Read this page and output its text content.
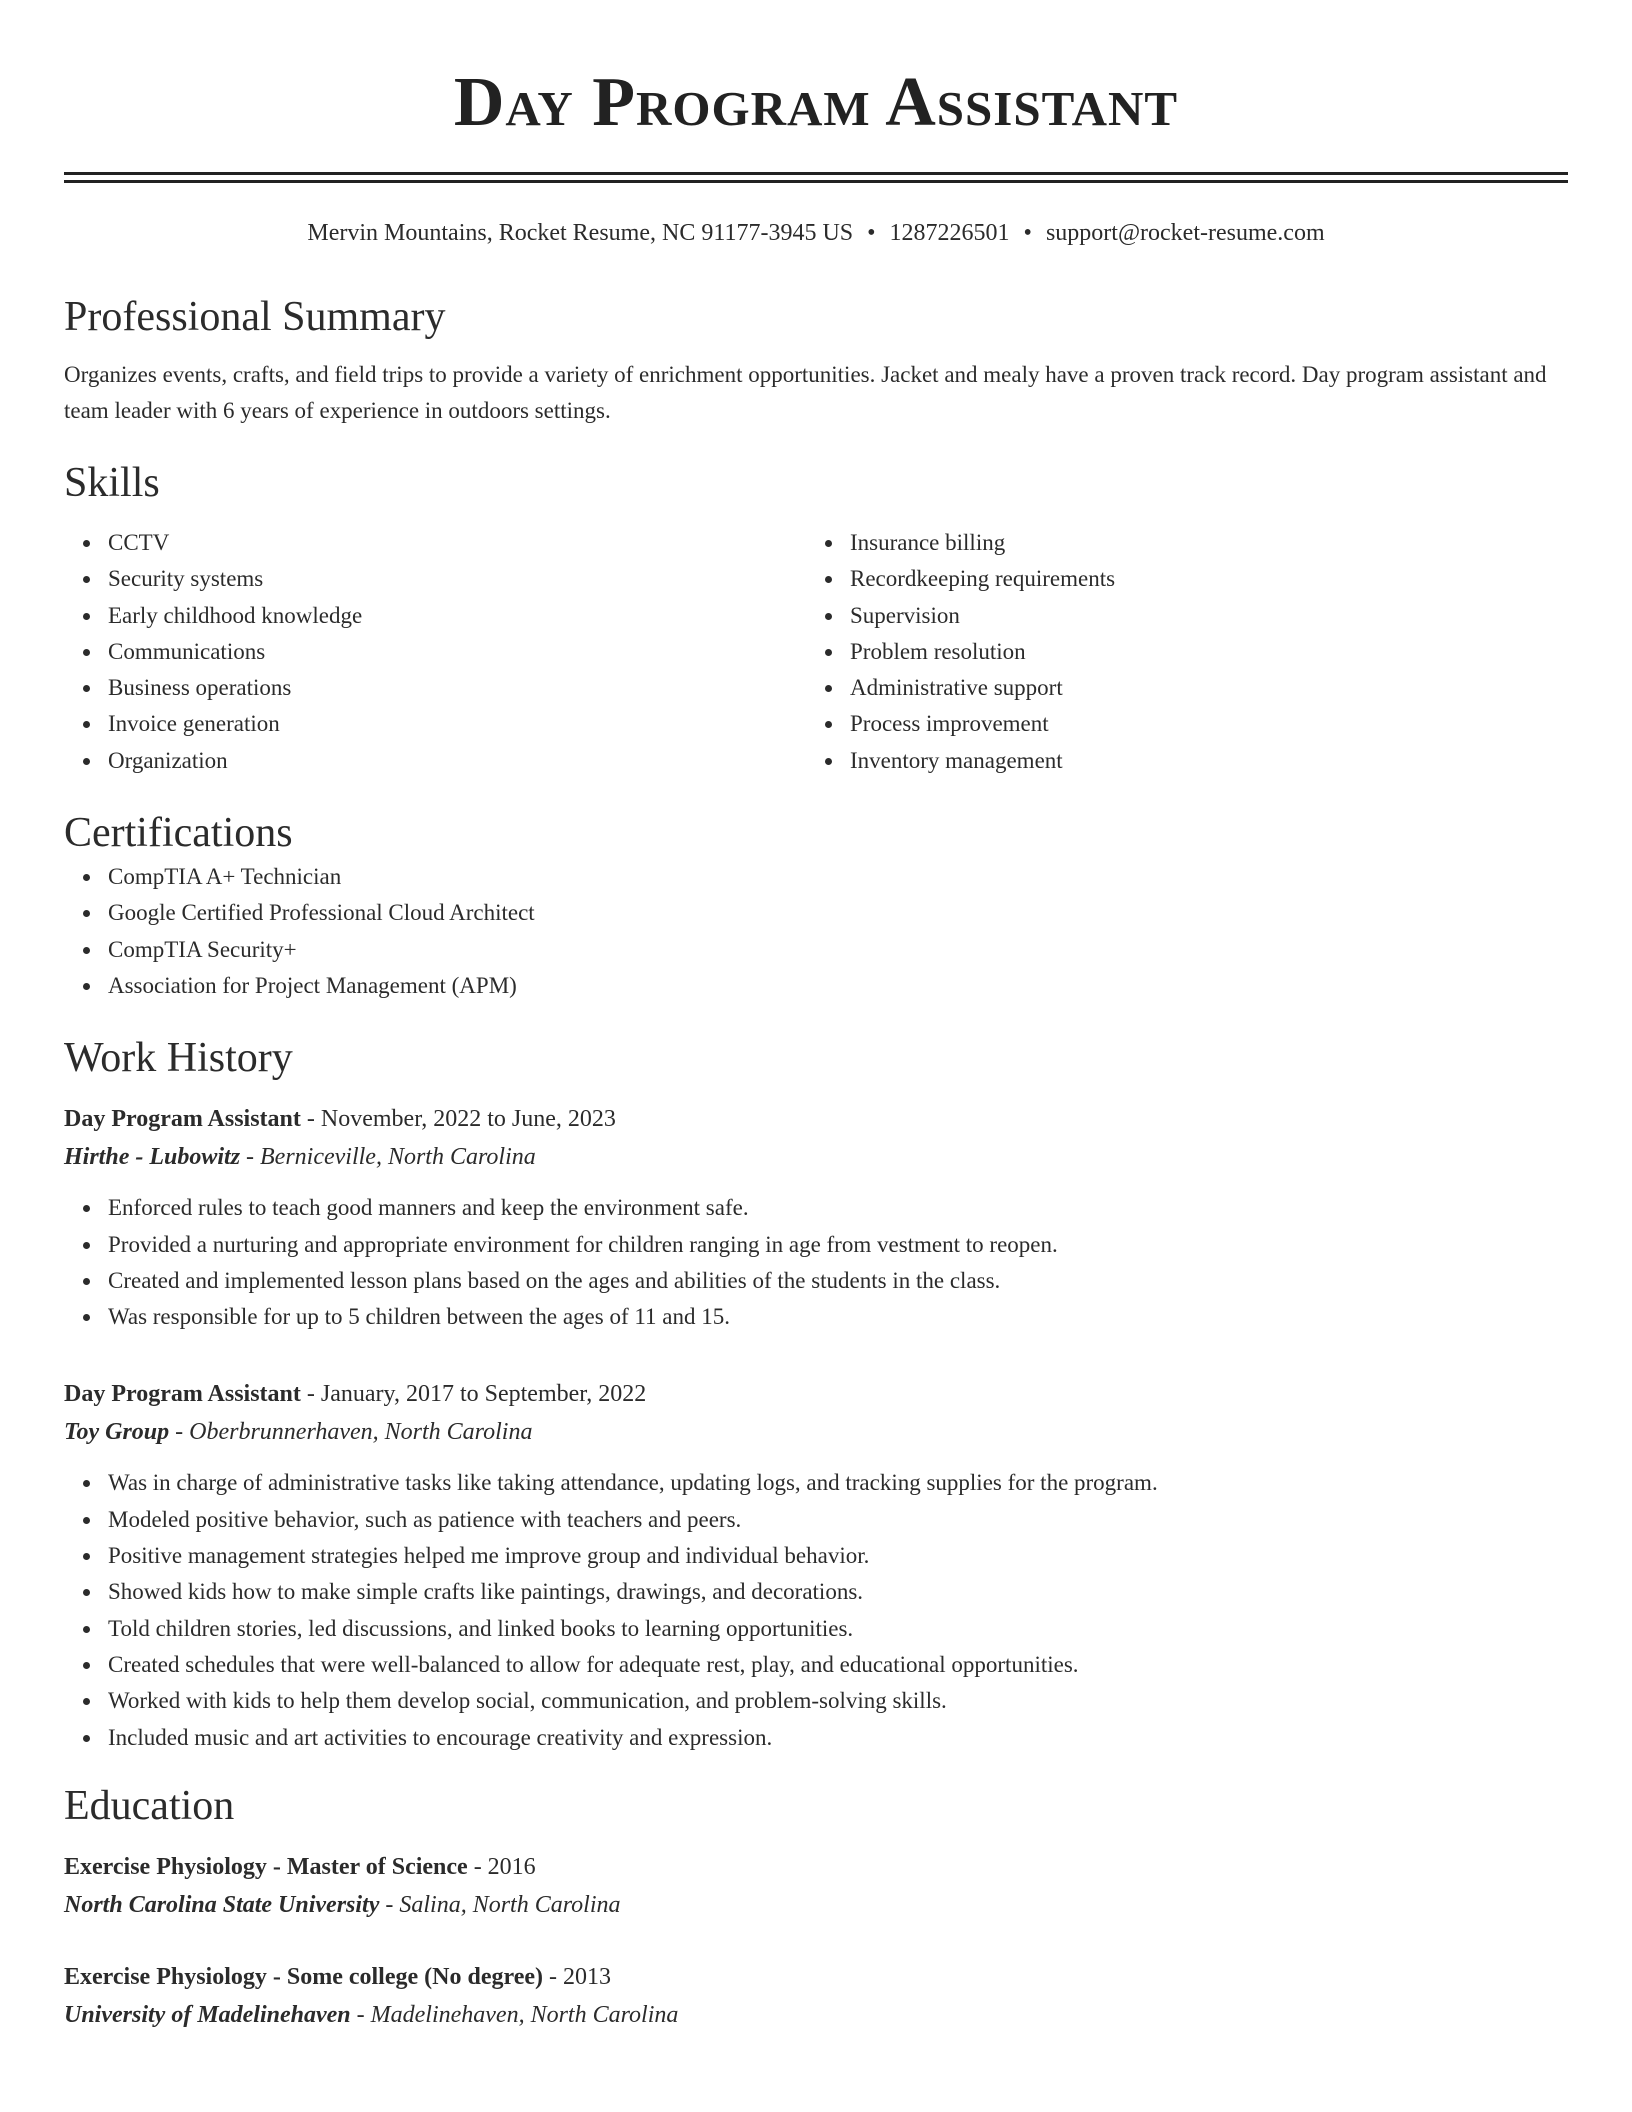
Day Program Assistant
Mervin Mountains, Rocket Resume, NC 91177-3945 US • 1287226501 • support@rocket-resume.com
Professional Summary
Organizes events, crafts, and field trips to provide a variety of enrichment opportunities. Jacket and mealy have a proven track record. Day program assistant and team leader with 6 years of experience in outdoors settings.
Skills
CCTV
Security systems
Early childhood knowledge
Communications
Business operations
Invoice generation
Organization
Insurance billing
Recordkeeping requirements
Supervision
Problem resolution
Administrative support
Process improvement
Inventory management
Certifications
CompTIA A+ Technician
Google Certified Professional Cloud Architect
CompTIA Security+
Association for Project Management (APM)
Work History
Day Program Assistant - November, 2022 to June, 2023
Hirthe - Lubowitz - Berniceville, North Carolina
Enforced rules to teach good manners and keep the environment safe.
Provided a nurturing and appropriate environment for children ranging in age from vestment to reopen.
Created and implemented lesson plans based on the ages and abilities of the students in the class.
Was responsible for up to 5 children between the ages of 11 and 15.
Day Program Assistant - January, 2017 to September, 2022
Toy Group - Oberbrunnerhaven, North Carolina
Was in charge of administrative tasks like taking attendance, updating logs, and tracking supplies for the program.
Modeled positive behavior, such as patience with teachers and peers.
Positive management strategies helped me improve group and individual behavior.
Showed kids how to make simple crafts like paintings, drawings, and decorations.
Told children stories, led discussions, and linked books to learning opportunities.
Created schedules that were well-balanced to allow for adequate rest, play, and educational opportunities.
Worked with kids to help them develop social, communication, and problem-solving skills.
Included music and art activities to encourage creativity and expression.
Education
Exercise Physiology - Master of Science - 2016
North Carolina State University - Salina, North Carolina
Exercise Physiology - Some college (No degree) - 2013
University of Madelinehaven - Madelinehaven, North Carolina
